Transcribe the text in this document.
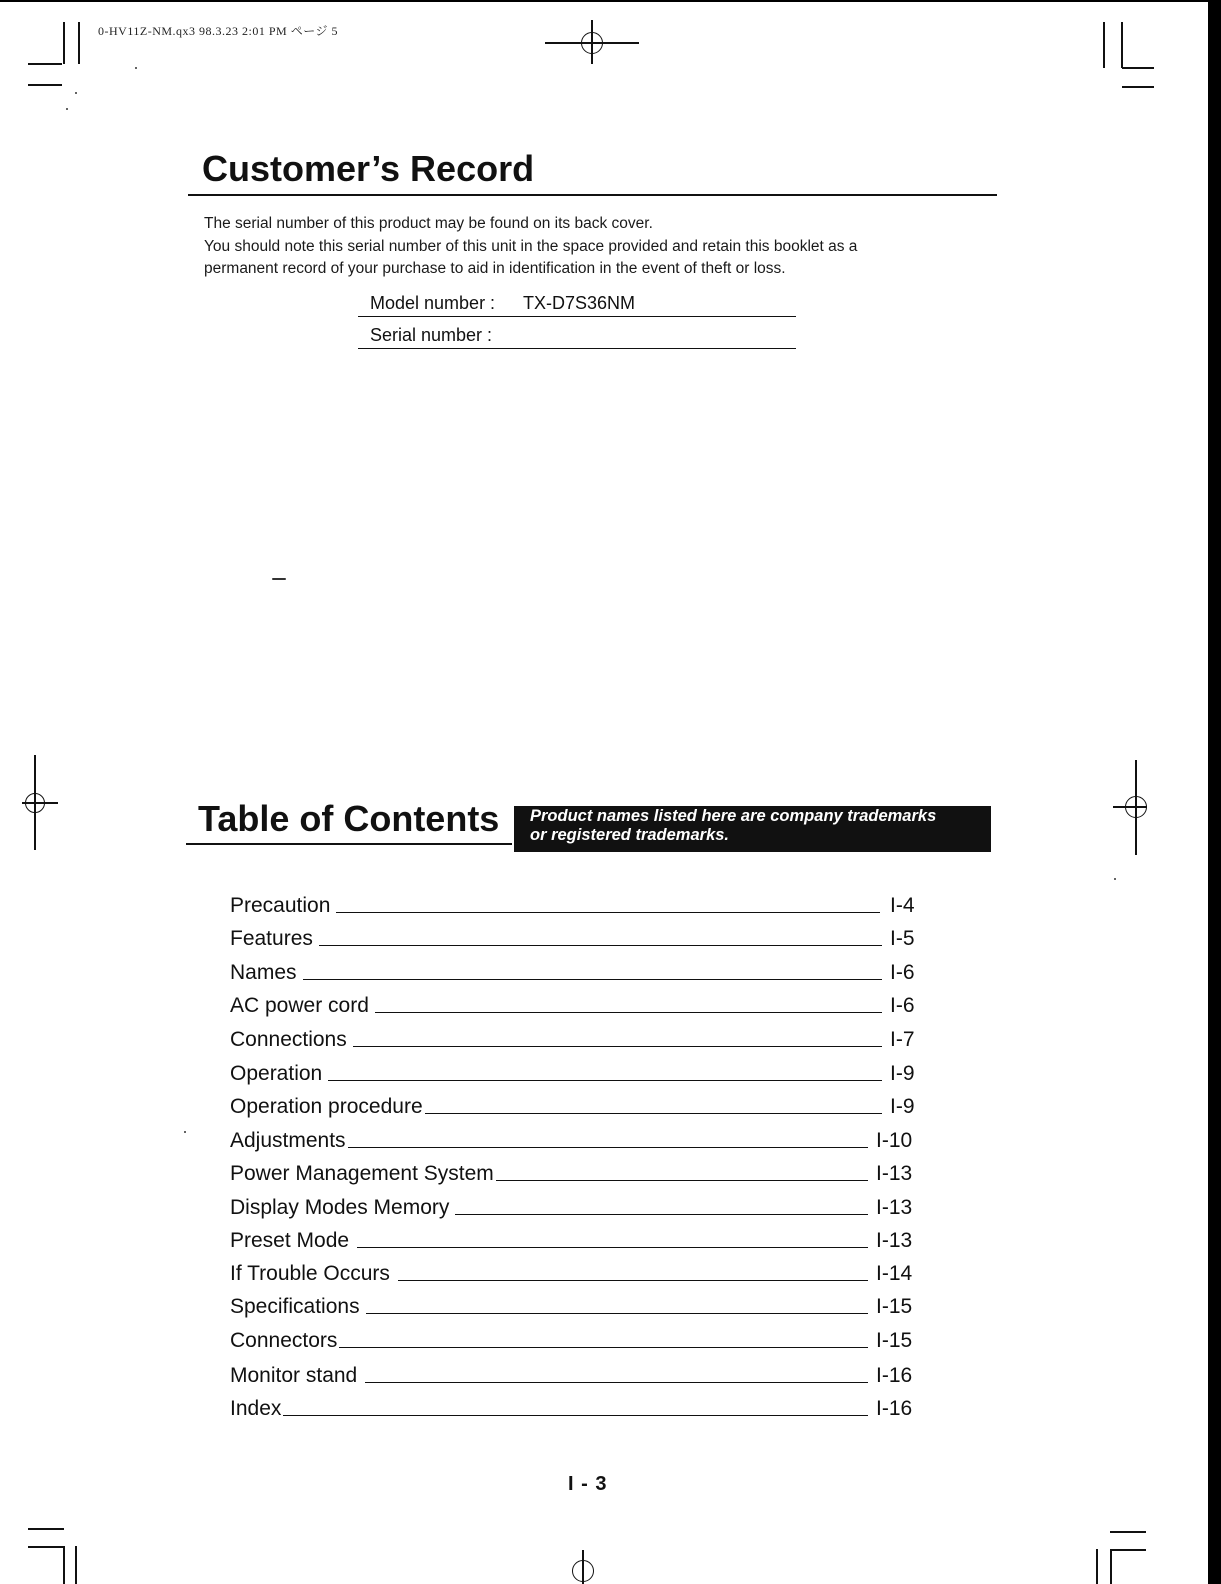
0-HV11Z-NM.qx3 98.3.23 2:01 PM ページ 5
Customer’s Record
The serial number of this product may be found on its back cover.
You should note this serial number of this unit in the space provided and retain this booklet as a
permanent record of your purchase to aid in identification in the event of theft or loss.
Model number : TX-D7S36NM
Serial number :
Table of Contents Product names listed here are company trademarks
or registered trademarks.
Precaution	I-4
Features	I-5
Names	I-6
AC power cord	I-6
Connections	I-7
Operation	I-9
Operation procedure	I-9
Adjustments	I-10
Power Management System	I-13
Display Modes Memory	I-13
Preset Mode	I-13
If Trouble Occurs	I-14
Specifications	I-15
Connectors	I-15
Monitor stand	I-16
Index	I-16
I - 3
